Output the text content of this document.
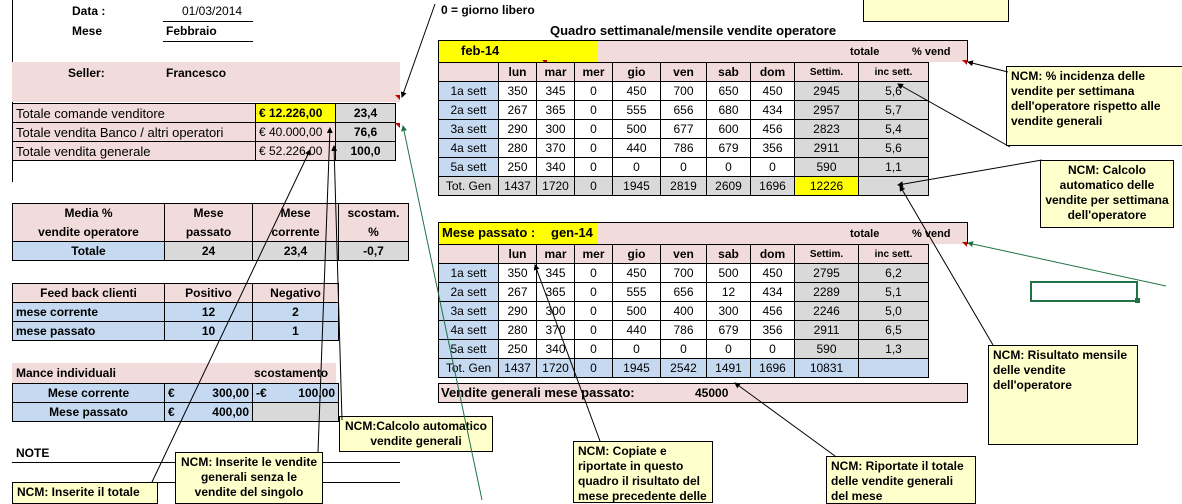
Data :	01/03/2014
Mese	Febbraio
Seller:	Francesco
Totale comande venditore	€ 12.226,00	23,4
Totale vendita Banco / altri operatori	€ 40.000,00	76,6
Totale vendita generale	€ 52.226,00	100,0
Media %	Mese	Mese	scostam.
vendite operatore	passato	corrente	%
Totale	24	23,4	-0,7
Feed back clienti	Positivo	Negativo
mese corrente	12	2
mese passato	10	1
Mance individuali	scostamento
Mese corrente	€	300,00	-€	100,00
Mese passato	€	400,00		
NOTE
0 = giorno libero
Quadro settimanale/mensile vendite operatore
feb-14	totale	% vend
	lun	mar	mer	gio	ven	sab	dom	Settim.	inc sett.
1a sett	350	345	0	450	700	650	450	2945	5,6
2a sett	267	365	0	555	656	680	434	2957	5,7
3a sett	290	300	0	500	677	600	456	2823	5,4
4a sett	280	370	0	440	786	679	356	2911	5,6
5a sett	250	340	0	0	0	0	0	590	1,1
Tot. Gen	1437	1720	0	1945	2819	2609	1696	12226	
Mese passato : gen-14	totale	% vend
	lun	mar	mer	gio	ven	sab	dom	Settim.	inc sett.
1a sett	350	345	0	450	700	500	450	2795	6,2
2a sett	267	365	0	555	656	12	434	2289	5,1
3a sett	290	300	0	500	400	300	456	2246	5,0
4a sett	280	370	0	440	786	679	356	2911	6,5
5a sett	250	340	0	0	0	0	0	590	1,3
Tot. Gen	1437	1720	0	1945	2542	1491	1696	10831	
Vendite generali mese passato:	45000
NCM: % incidenza delle vendite per settimana dell'operatore rispetto alle vendite generali
NCM: Calcolo automatico delle vendite per settimana dell'operatore
NCM: Risultato mensile delle vendite dell'operatore
NCM: Copiate e riportate in questo quadro il risultato del mese precedente delle
NCM: Riportate il totale delle vendite generali del mese
NCM:Calcolo automatico vendite generali
NCM: Inserite le vendite generali senza le vendite del singolo
NCM: Inserite il totale
